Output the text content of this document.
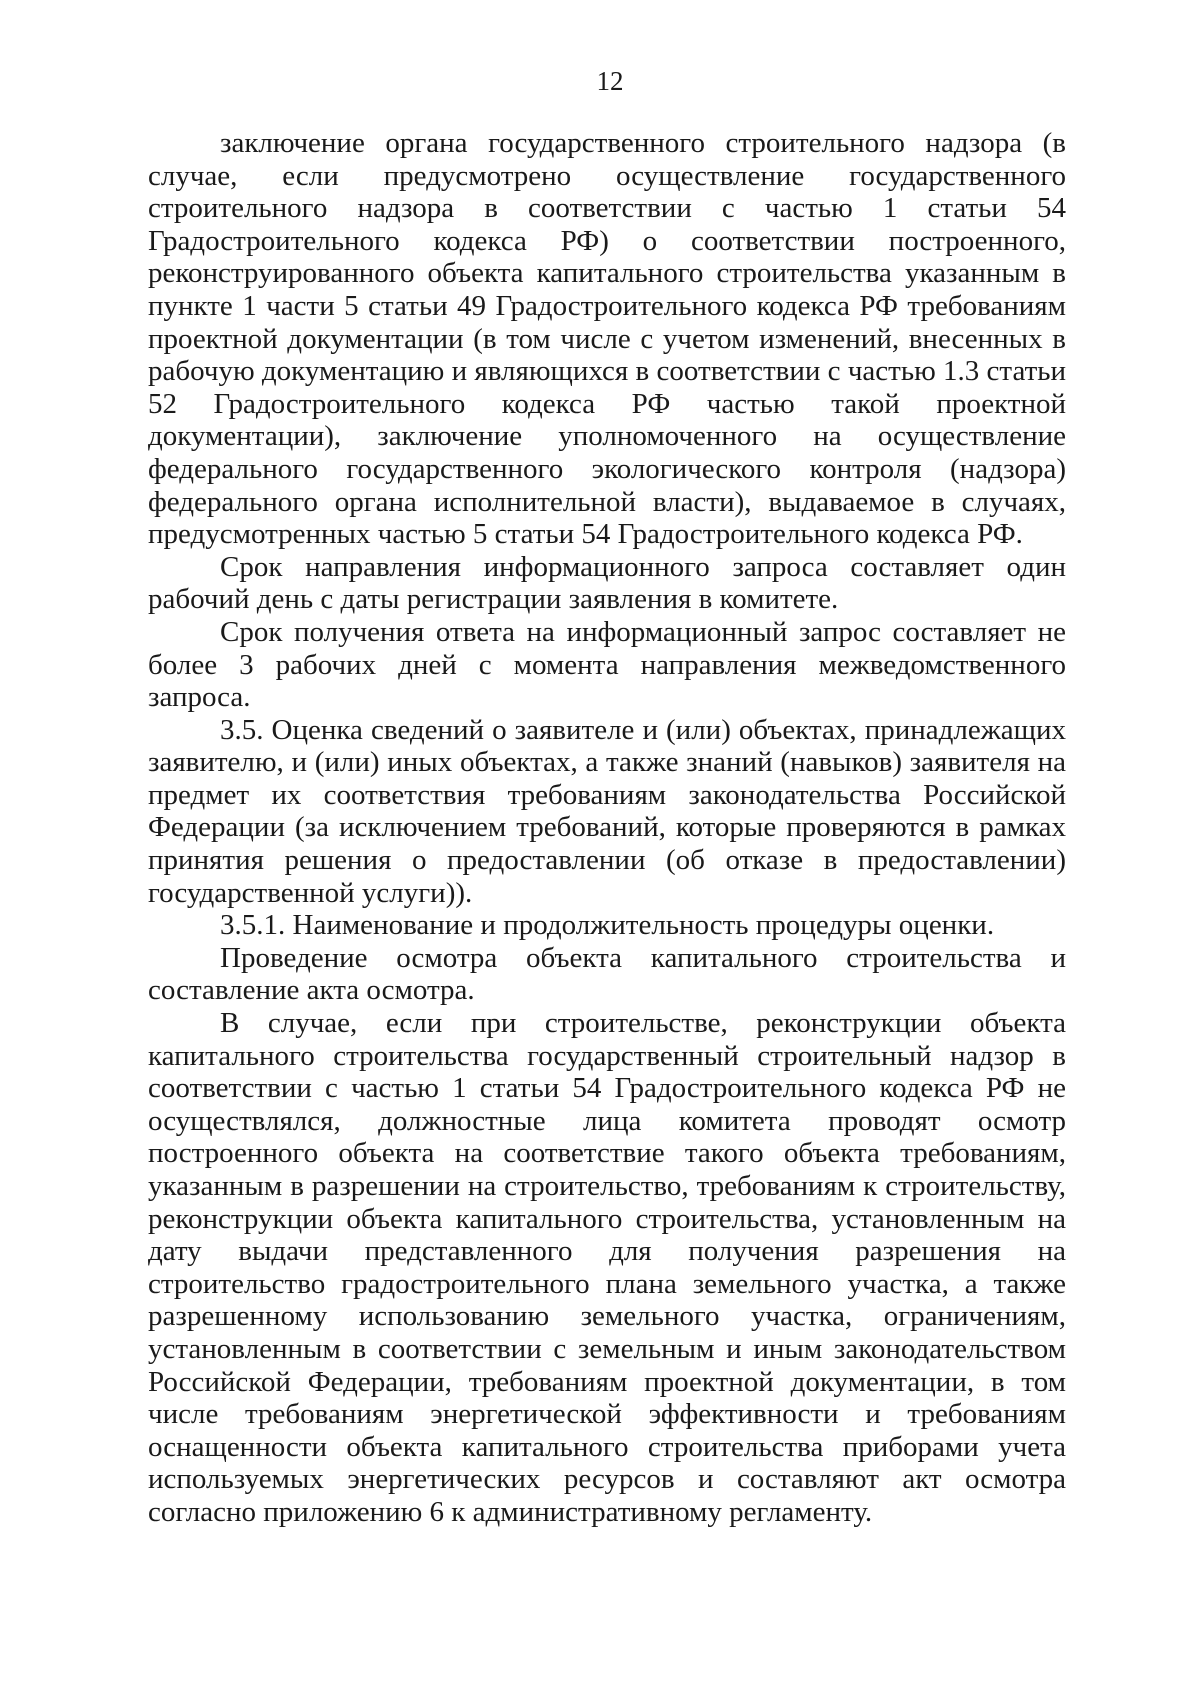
12

заключение органа государственного строительного надзора (в случае, если предусмотрено осуществление государственного строительного надзора в соответствии с частью 1 статьи 54 Градостроительного кодекса РФ) о соответствии построенного, реконструированного объекта капитального строительства указанным в пункте 1 части 5 статьи 49 Градостроительного кодекса РФ требованиям проектной документации (в том числе с учетом изменений, внесенных в рабочую документацию и являющихся в соответствии с частью 1.3 статьи 52 Градостроительного кодекса РФ частью такой проектной документации), заключение уполномоченного на осуществление федерального государственного экологического контроля (надзора) федерального органа исполнительной власти), выдаваемое в случаях, предусмотренных частью 5 статьи 54 Градостроительного кодекса РФ.

Срок направления информационного запроса составляет один рабочий день с даты регистрации заявления в комитете.

Срок получения ответа на информационный запрос составляет не более 3 рабочих дней с момента направления межведомственного запроса.

3.5. Оценка сведений о заявителе и (или) объектах, принадлежащих заявителю, и (или) иных объектах, а также знаний (навыков) заявителя на предмет их соответствия требованиям законодательства Российской Федерации (за исключением требований, которые проверяются в рамках принятия решения о предоставлении (об отказе в предоставлении) государственной услуги)).

3.5.1. Наименование и продолжительность процедуры оценки.

Проведение осмотра объекта капитального строительства и составление акта осмотра.

В случае, если при строительстве, реконструкции объекта капитального строительства государственный строительный надзор в соответствии с частью 1 статьи 54 Градостроительного кодекса РФ не осуществлялся, должностные лица комитета проводят осмотр построенного объекта на соответствие такого объекта требованиям, указанным в разрешении на строительство, требованиям к строительству, реконструкции объекта капитального строительства, установленным на дату выдачи представленного для получения разрешения на строительство градостроительного плана земельного участка, а также разрешенному использованию земельного участка, ограничениям, установленным в соответствии с земельным и иным законодательством Российской Федерации, требованиям проектной документации, в том числе требованиям энергетической эффективности и требованиям оснащенности объекта капитального строительства приборами учета используемых энергетических ресурсов и составляют акт осмотра согласно приложению 6 к административному регламенту.
